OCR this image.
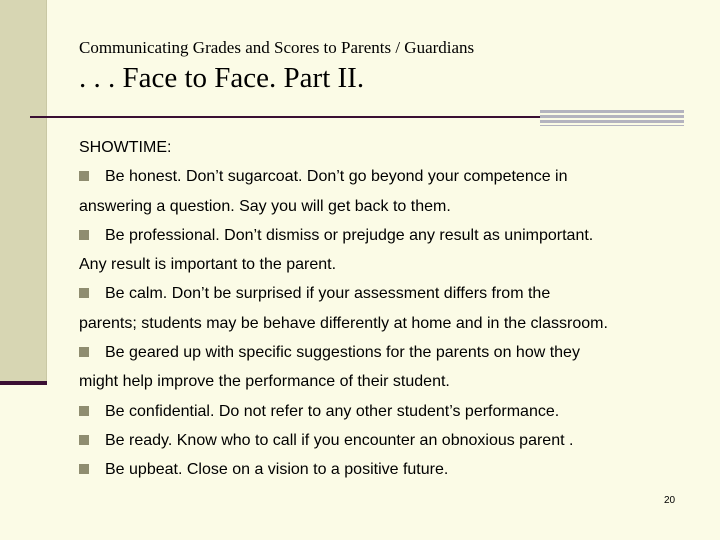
Communicating Grades and Scores to Parents / Guardians
. . . Face to Face. Part II.
SHOWTIME:
Be honest. Don’t sugarcoat. Don’t go beyond your competence in
answering a question. Say you will get back to them.
Be professional. Don’t dismiss or prejudge any result as unimportant.
Any result is important to the parent.
Be calm. Don’t be surprised if your assessment differs from the
parents; students may be behave differently at home and in the classroom.
Be geared up with specific suggestions for the parents on how they
might help improve the performance of their student.
Be confidential. Do not refer to any other student’s performance.
Be ready. Know who to call if you encounter an obnoxious parent .
Be upbeat. Close on a vision to a positive future.
20
